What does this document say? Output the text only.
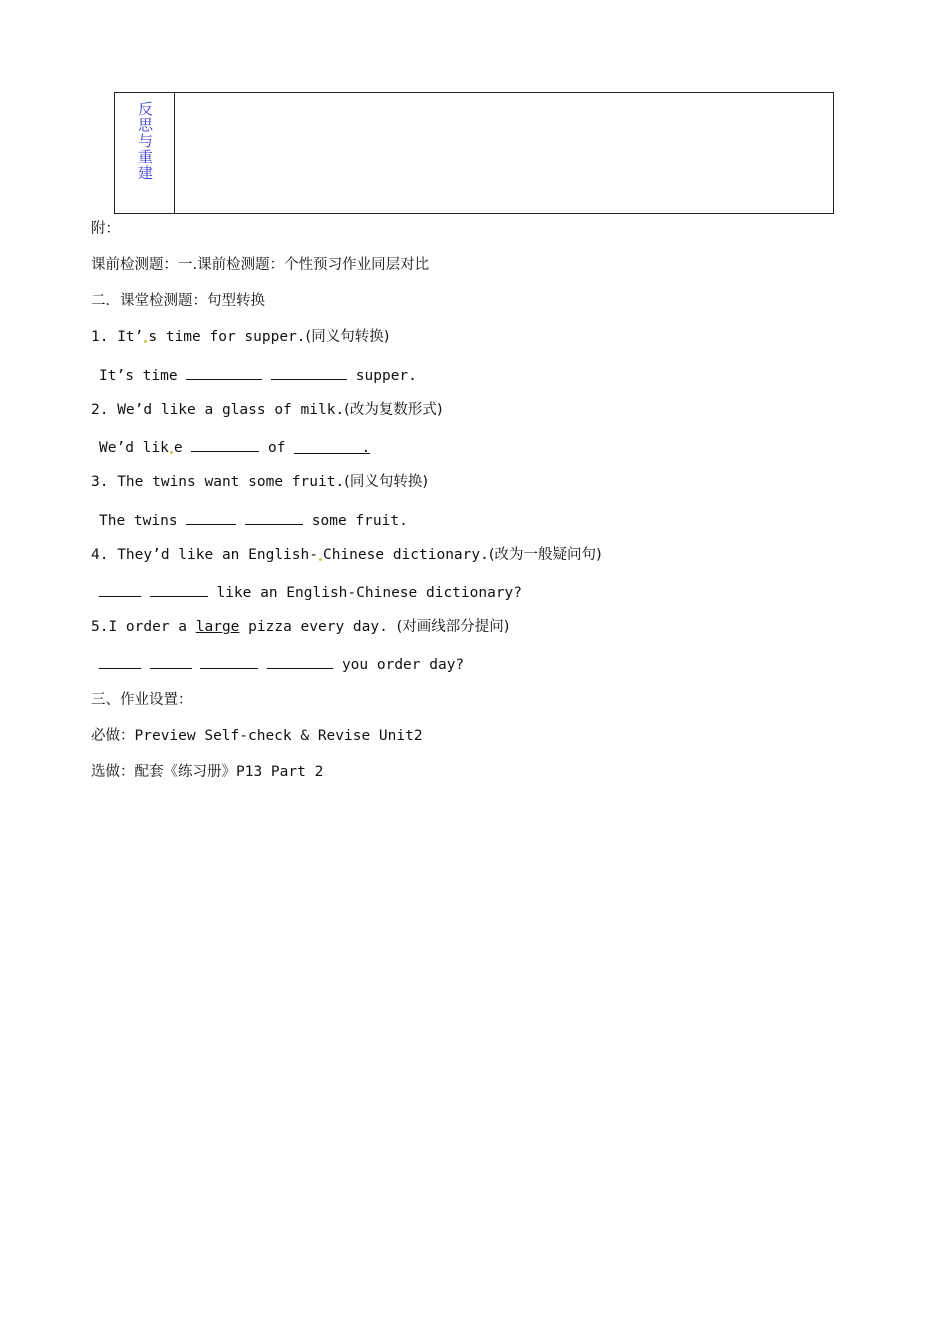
反思与重建
附：
课前检测题：一.课前检测题：个性预习作业同层对比
二．课堂检测题：句型转换
1. It’ s time for supper.(同义句转换)
It’s time	supper.
2. We’d like a glass of milk.(改为复数形式)
We’d lik e	of	.
3. The twins want some fruit.(同义句转换)
The twins	some fruit.
4. They’d like an English- Chinese dictionary.(改为一般疑问句)
like an English-Chinese dictionary?
5.I order a large pizza every day. (对画线部分提问)
you order day?
三、作业设置：
必做：Preview Self-check & Revise Unit2
选做：配套《练习册》P13 Part 2
